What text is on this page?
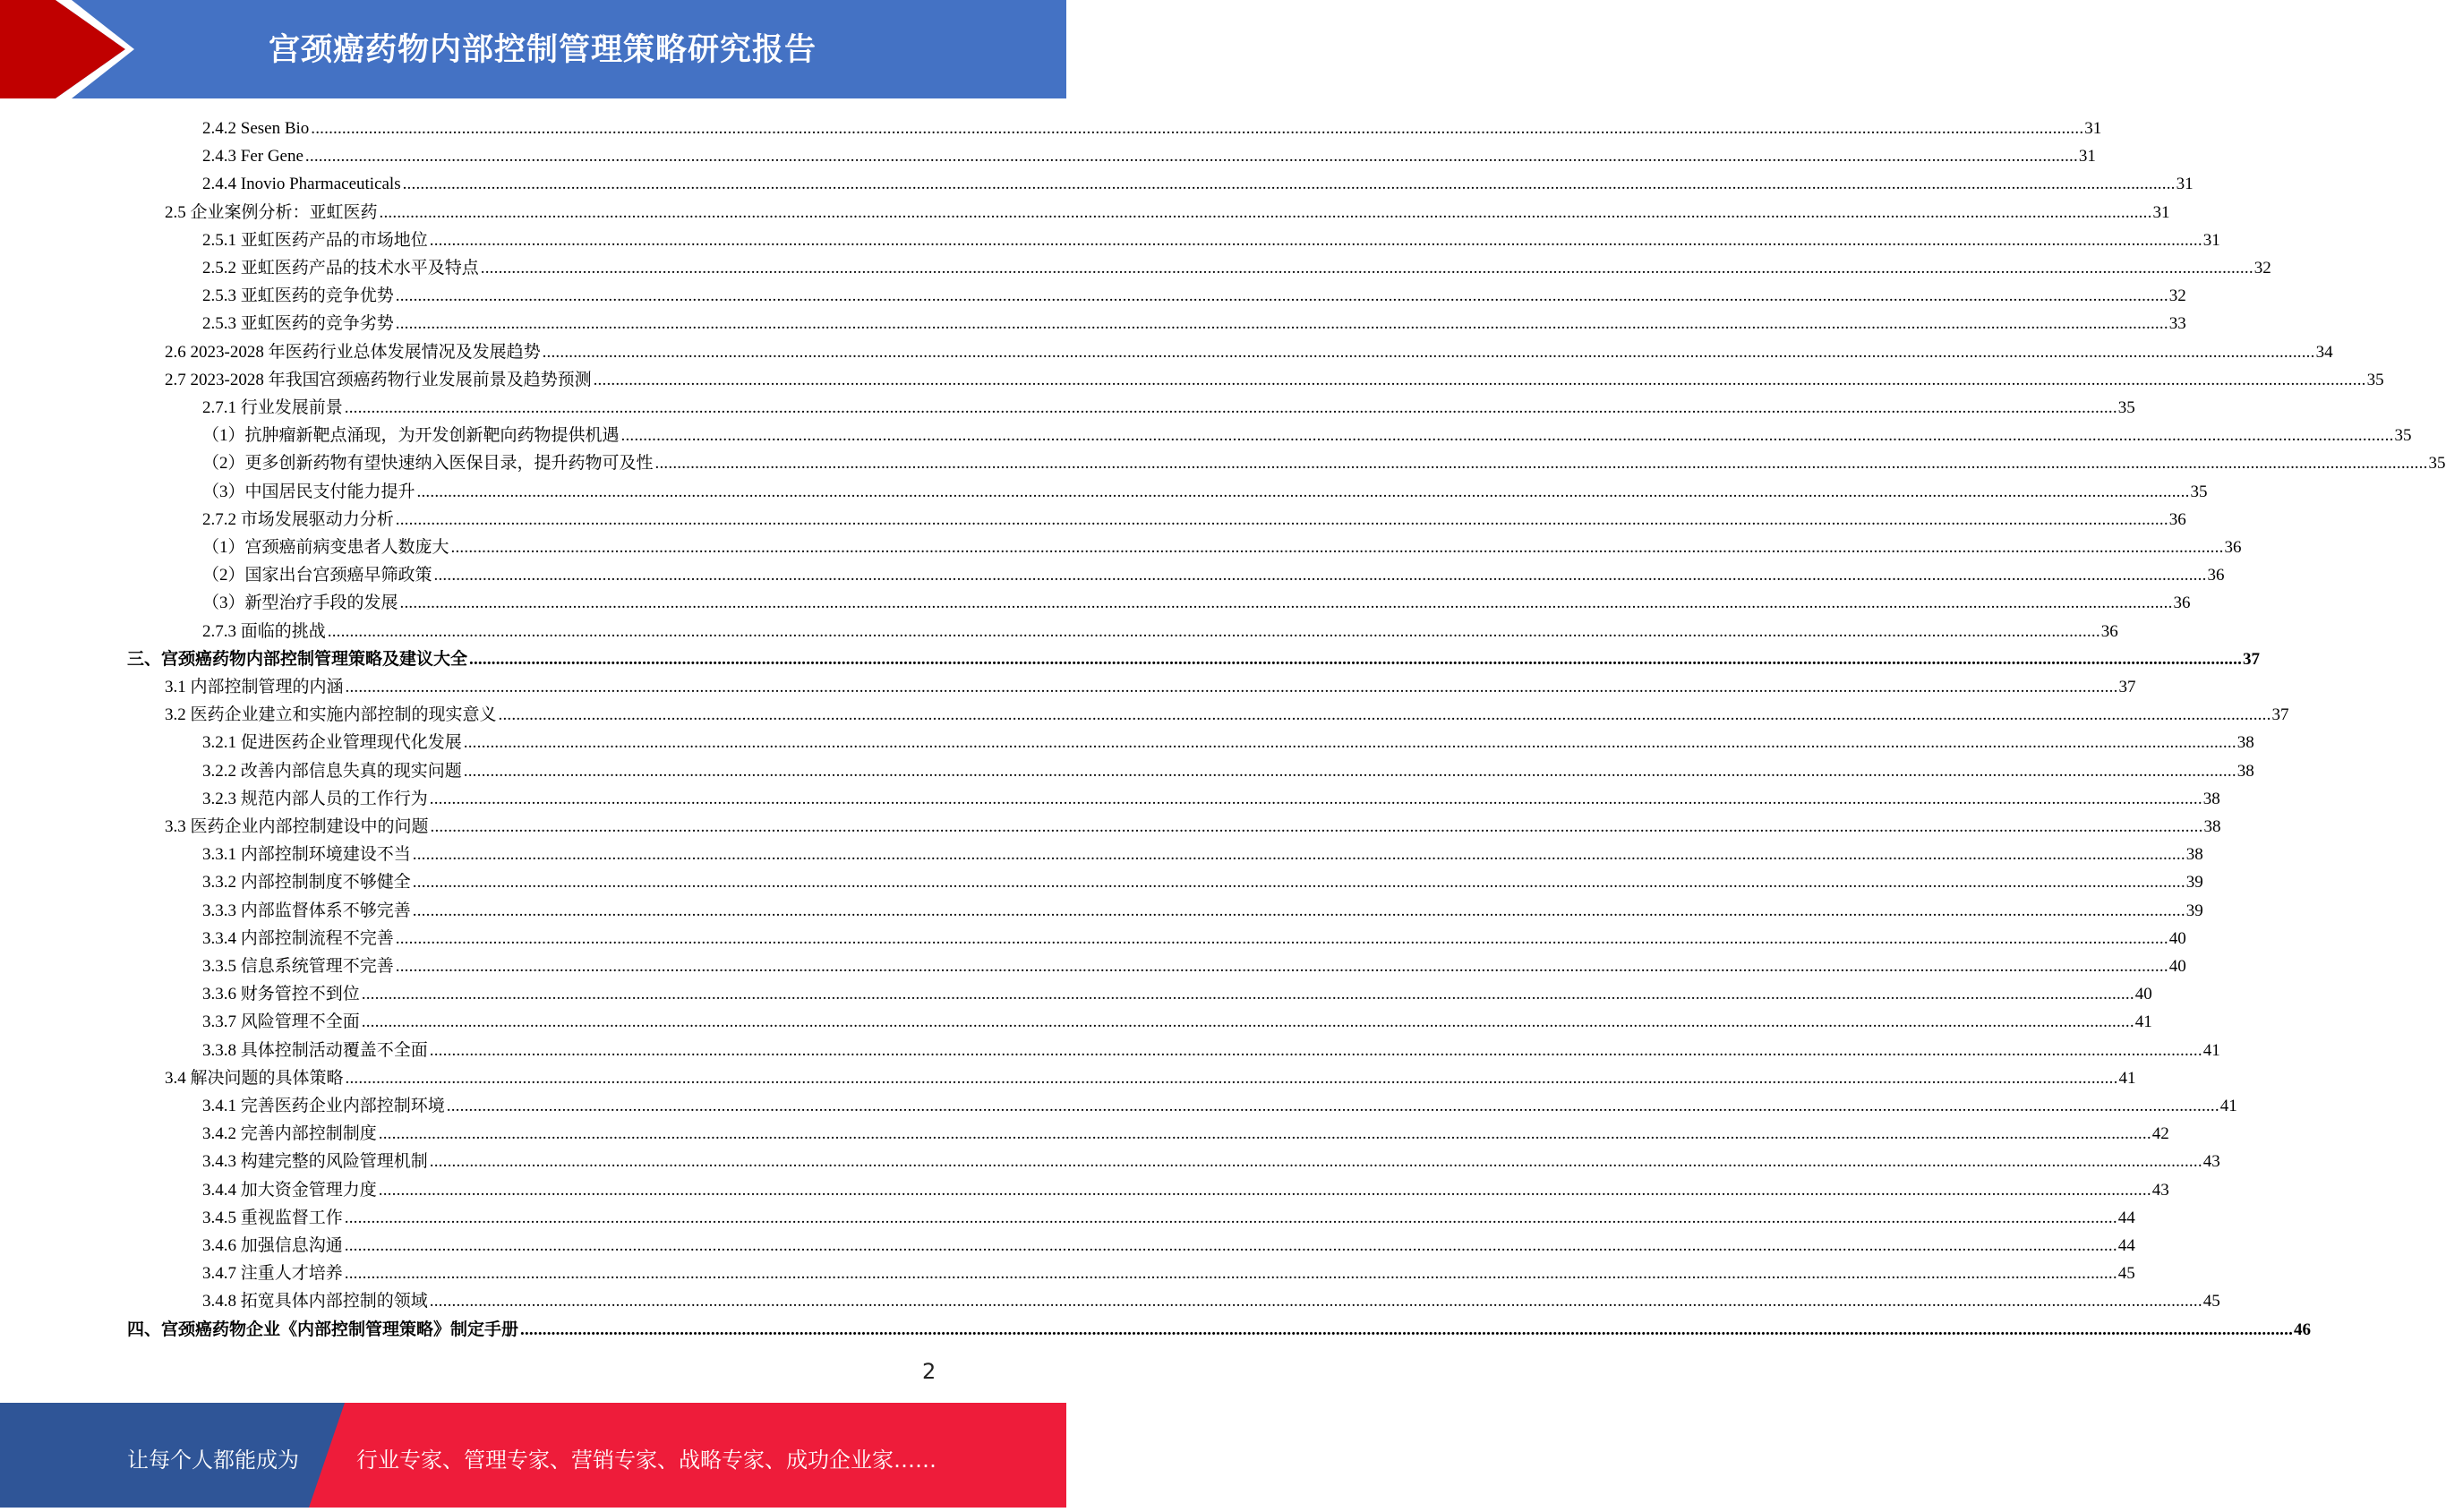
宫颈癌药物内部控制管理策略研究报告
2.4.2 Sesen Bio ................................................................................................................................................................................................................................................................................................................................................................................................................ 31
2.4.3 Fer Gene ................................................................................................................................................................................................................................................................................................................................................................................................................ 31
2.4.4 Inovio Pharmaceuticals ................................................................................................................................................................................................................................................................................................................................................................................................................ 31
2.5 企业案例分析：亚虹医药 ................................................................................................................................................................................................................................................................................................................................................................................................................ 31
2.5.1 亚虹医药产品的市场地位 ................................................................................................................................................................................................................................................................................................................................................................................................................ 31
2.5.2 亚虹医药产品的技术水平及特点 ................................................................................................................................................................................................................................................................................................................................................................................................................ 32
2.5.3 亚虹医药的竞争优势 ................................................................................................................................................................................................................................................................................................................................................................................................................ 32
2.5.3 亚虹医药的竞争劣势 ................................................................................................................................................................................................................................................................................................................................................................................................................ 33
2.6 2023-2028 年医药行业总体发展情况及发展趋势 ................................................................................................................................................................................................................................................................................................................................................................................................................ 34
2.7 2023-2028 年我国宫颈癌药物行业发展前景及趋势预测 ................................................................................................................................................................................................................................................................................................................................................................................................................ 35
2.7.1 行业发展前景 ................................................................................................................................................................................................................................................................................................................................................................................................................ 35
（1）抗肿瘤新靶点涌现，为开发创新靶向药物提供机遇 ................................................................................................................................................................................................................................................................................................................................................................................................................ 35
（2）更多创新药物有望快速纳入医保目录，提升药物可及性 ................................................................................................................................................................................................................................................................................................................................................................................................................ 35
（3）中国居民支付能力提升 ................................................................................................................................................................................................................................................................................................................................................................................................................ 35
2.7.2 市场发展驱动力分析 ................................................................................................................................................................................................................................................................................................................................................................................................................ 36
（1）宫颈癌前病变患者人数庞大 ................................................................................................................................................................................................................................................................................................................................................................................................................ 36
（2）国家出台宫颈癌早筛政策 ................................................................................................................................................................................................................................................................................................................................................................................................................ 36
（3）新型治疗手段的发展 ................................................................................................................................................................................................................................................................................................................................................................................................................ 36
2.7.3 面临的挑战 ................................................................................................................................................................................................................................................................................................................................................................................................................ 36
三、宫颈癌药物内部控制管理策略及建议大全 ................................................................................................................................................................................................................................................................................................................................................................................................................ 37
3.1 内部控制管理的内涵 ................................................................................................................................................................................................................................................................................................................................................................................................................ 37
3.2 医药企业建立和实施内部控制的现实意义 ................................................................................................................................................................................................................................................................................................................................................................................................................ 37
3.2.1 促进医药企业管理现代化发展 ................................................................................................................................................................................................................................................................................................................................................................................................................ 38
3.2.2 改善内部信息失真的现实问题 ................................................................................................................................................................................................................................................................................................................................................................................................................ 38
3.2.3 规范内部人员的工作行为 ................................................................................................................................................................................................................................................................................................................................................................................................................ 38
3.3 医药企业内部控制建设中的问题 ................................................................................................................................................................................................................................................................................................................................................................................................................ 38
3.3.1 内部控制环境建设不当 ................................................................................................................................................................................................................................................................................................................................................................................................................ 38
3.3.2 内部控制制度不够健全 ................................................................................................................................................................................................................................................................................................................................................................................................................ 39
3.3.3 内部监督体系不够完善 ................................................................................................................................................................................................................................................................................................................................................................................................................ 39
3.3.4 内部控制流程不完善 ................................................................................................................................................................................................................................................................................................................................................................................................................ 40
3.3.5 信息系统管理不完善 ................................................................................................................................................................................................................................................................................................................................................................................................................ 40
3.3.6 财务管控不到位 ................................................................................................................................................................................................................................................................................................................................................................................................................ 40
3.3.7 风险管理不全面 ................................................................................................................................................................................................................................................................................................................................................................................................................ 41
3.3.8 具体控制活动覆盖不全面 ................................................................................................................................................................................................................................................................................................................................................................................................................ 41
3.4 解决问题的具体策略 ................................................................................................................................................................................................................................................................................................................................................................................................................ 41
3.4.1 完善医药企业内部控制环境 ................................................................................................................................................................................................................................................................................................................................................................................................................ 41
3.4.2 完善内部控制制度 ................................................................................................................................................................................................................................................................................................................................................................................................................ 42
3.4.3 构建完整的风险管理机制 ................................................................................................................................................................................................................................................................................................................................................................................................................ 43
3.4.4 加大资金管理力度 ................................................................................................................................................................................................................................................................................................................................................................................................................ 43
3.4.5 重视监督工作 ................................................................................................................................................................................................................................................................................................................................................................................................................ 44
3.4.6 加强信息沟通 ................................................................................................................................................................................................................................................................................................................................................................................................................ 44
3.4.7 注重人才培养 ................................................................................................................................................................................................................................................................................................................................................................................................................ 45
3.4.8 拓宽具体内部控制的领域 ................................................................................................................................................................................................................................................................................................................................................................................................................ 45
四、宫颈癌药物企业《内部控制管理策略》制定手册 ................................................................................................................................................................................................................................................................................................................................................................................................................ 46
2
让每个人都能成为	行业专家、管理专家、营销专家、战略专家、成功企业家……
